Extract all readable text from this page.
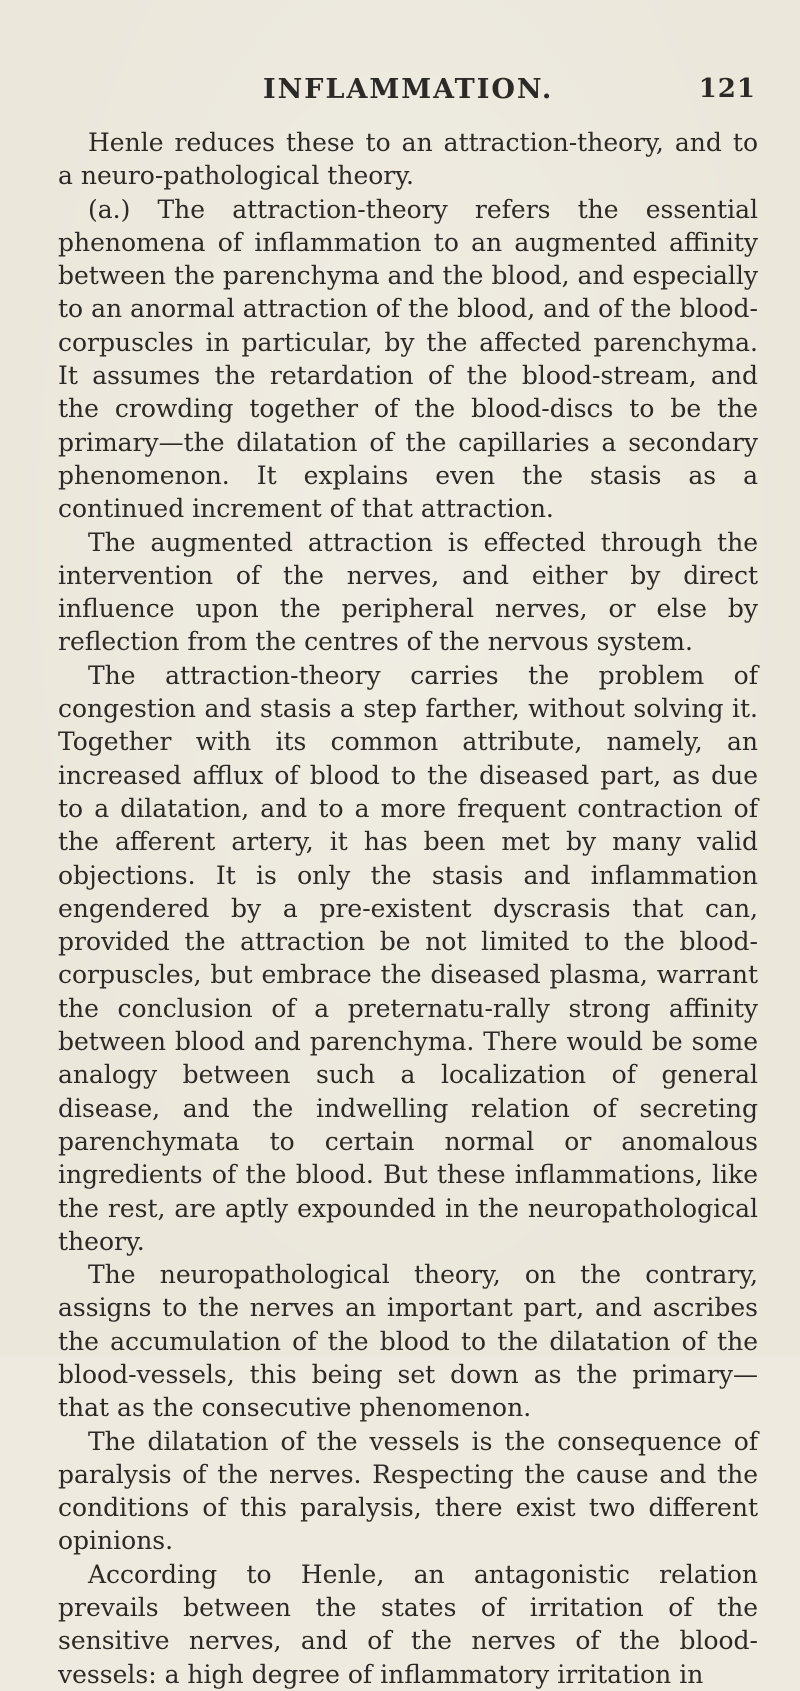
INFLAMMATION.	121

Henle reduces these to an attraction-theory, and to a neuro-pathological theory.

(a.) The attraction-theory refers the essential phenomena of inflammation to an augmented affinity between the parenchyma and the blood, and especially to an anormal attraction of the blood, and of the blood-corpuscles in particular, by the affected parenchyma. It assumes the retardation of the blood-stream, and the crowding together of the blood-discs to be the primary—the dilatation of the capillaries a secondary phenomenon. It explains even the stasis as a continued increment of that attraction.

The augmented attraction is effected through the intervention of the nerves, and either by direct influence upon the peripheral nerves, or else by reflection from the centres of the nervous system.

The attraction-theory carries the problem of congestion and stasis a step farther, without solving it. Together with its common attribute, namely, an increased afflux of blood to the diseased part, as due to a dilatation, and to a more frequent contraction of the afferent artery, it has been met by many valid objections. It is only the stasis and inflammation engendered by a pre-existent dyscrasis that can, provided the attraction be not limited to the blood-corpuscles, but embrace the diseased plasma, warrant the conclusion of a preternatu-rally strong affinity between blood and parenchyma. There would be some analogy between such a localization of general disease, and the indwelling relation of secreting parenchymata to certain normal or anomalous ingredients of the blood. But these inflammations, like the rest, are aptly expounded in the neuropathological theory.

The neuropathological theory, on the contrary, assigns to the nerves an important part, and ascribes the accumulation of the blood to the dilatation of the blood-vessels, this being set down as the primary—that as the consecutive phenomenon.

The dilatation of the vessels is the consequence of paralysis of the nerves. Respecting the cause and the conditions of this paralysis, there exist two different opinions.

According to Henle, an antagonistic relation prevails between the states of irritation of the sensitive nerves, and of the nerves of the blood-vessels: a high degree of inflammatory irritation in
